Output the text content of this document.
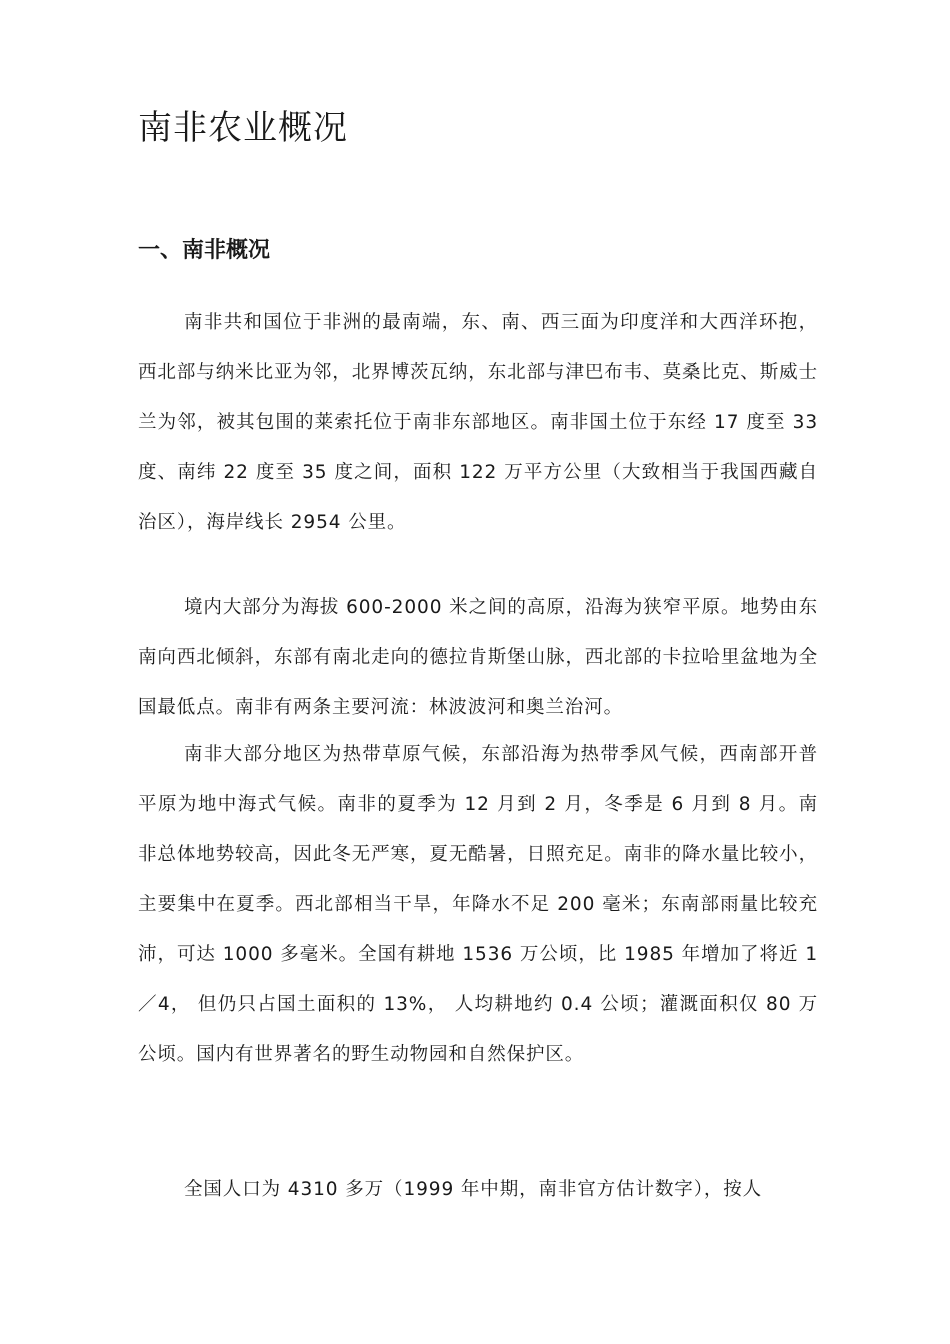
南非农业概况
一、南非概况

南非共和国位于非洲的最南端，东、南、西三面为印度洋和大西洋环抱，西北部与纳米比亚为邻，北界博茨瓦纳，东北部与津巴布韦、莫桑比克、斯威士兰为邻，被其包围的莱索托位于南非东部地区。南非国土位于东经 17 度至 33 度、南纬 22 度至 35 度之间，面积 122 万平方公里（大致相当于我国西藏自治区），海岸线长 2954 公里。

境内大部分为海拔 600-2000 米之间的高原，沿海为狭窄平原。地势由东南向西北倾斜，东部有南北走向的德拉肯斯堡山脉，西北部的卡拉哈里盆地为全国最低点。南非有两条主要河流：林波波河和奥兰治河。

南非大部分地区为热带草原气候，东部沿海为热带季风气候，西南部开普平原为地中海式气候。南非的夏季为 12 月到 2 月，冬季是 6 月到 8 月。南非总体地势较高，因此冬无严寒，夏无酷暑，日照充足。南非的降水量比较小，主要集中在夏季。西北部相当干旱，年降水不足 200 毫米；东南部雨量比较充沛，可达 1000 多毫米。全国有耕地 1536 万公顷，比 1985 年增加了将近 1／4， 但仍只占国土面积的 13%， 人均耕地约 0.4 公顷；灌溉面积仅 80 万公顷。国内有世界著名的野生动物园和自然保护区。

全国人口为 4310 多万（1999 年中期，南非官方估计数字），按人
